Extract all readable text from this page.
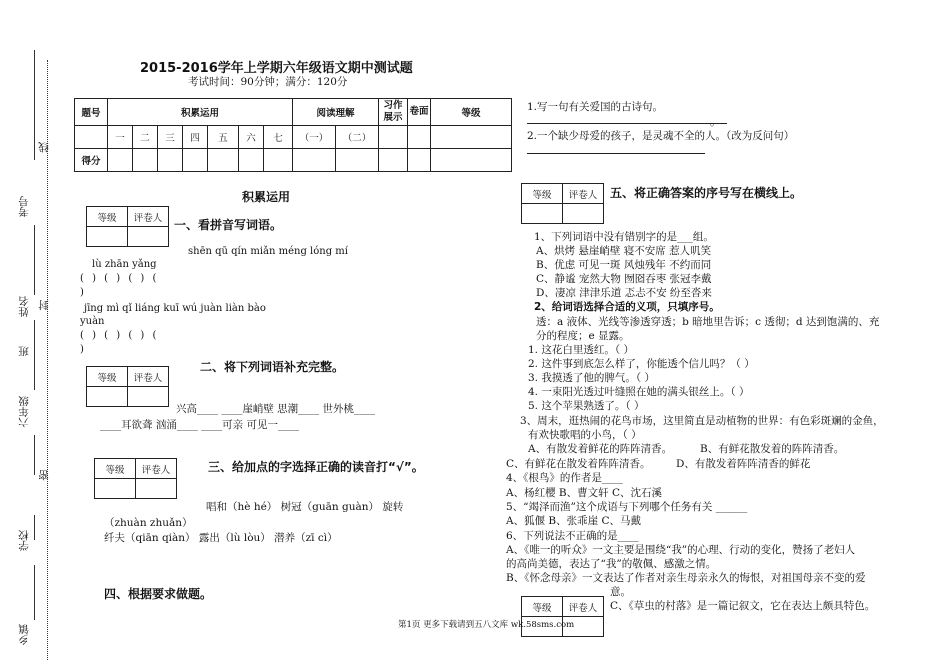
线
考号
姓名 封
班
六年级
密
学校
乡镇
2015-2016学年上学期六年级语文期中测试题
考试时间：90分钟；满分：120分
题号	积累运用							阅读理解		习作展示	卷面	等级
	一	二	三	四	五	六	七	（一）	（二）			
得分												
积累运用
等级	评卷人
	一、看拼音写词语。
shēn qū qín miǎn méng lóng mí
lù zhān yǎng
( ) ( ) ( ) (
)
jīng mì qǐ liáng kuī wú juàn liàn bào
yuàn
( ) ( ) ( ) (
)
等级	评卷人

二、将下列词语补充完整。
兴高____ ____崖峭壁 思潮____ 世外桃____
____耳欲聋 汹涌____ ____可亲 可见一____
等级	评卷人
		三、给加点的字选择正确的读音打“√”。
唱和（hè hé） 树冠（guān guàn） 旋转
（zhuàn zhuǎn）
纤夫（qiān qiàn） 露出（lù lòu） 潜养（zī cì）
四、根据要求做题。
1.写一句有关爱国的古诗句。
。
2.一个缺少母爱的孩子，是灵魂不全的人。（改为反问句）
等级	评卷人
	五、将正确答案的序号写在横线上。
1、下列词语中没有错别字的是___组。
A、烘烤 悬崖峭壁 寝不安席 惹人叽笑
B、优虑 可见一斑 风烛残年 不约而同
C、静谧 宠然大物 囫囵吞枣 张冠李戴
D、凄凉 津津乐道 忑忐不安 纷至沓来
2、给词语选择合适的义项，只填序号。
透：a 液体、光线等渗透穿透；b 暗地里告诉；c 透彻；d 达到饱满的、充
分的程度；e 显露。
1. 这花白里透红。（ ）
2. 这件事到底怎么样了，你能透个信儿吗？（ ）
3. 我摸透了他的脾气。（ ）
4. 一束阳光透过叶缝照在她的满头银丝上。（ ）
5. 这个苹果熟透了。（ ）
3、周末，逛热闹的花鸟市场，这里简直是动植物的世界：有色彩斑斓的金鱼，
有欢快歌唱的小鸟，（ ）
A、有散发着鲜花的阵阵清香。	B、有鲜花散发着的阵阵清香。
C、有鲜花在散发着阵阵清香。 D、有散发着阵阵清香的鲜花
4、《根鸟》的作者是____
A、杨红樱 B、曹文轩 C、沈石溪
5、“竭泽而渔”这个成语与下列哪个任务有关 ______
A、狐偃 B、张乖崖 C、马戴
6、下列说法不正确的是____
A、《唯一的听众》一文主要是围绕“我”的心理、行动的变化，赞扬了老妇人
的高尚美德，表达了“我”的敬佩、感激之情。
B、《怀念母亲》一文表达了作者对亲生母亲永久的悔恨，对祖国母亲不变的爱
意。
等级	评卷人
	C、《草虫的村落》是一篇记叙文，它在表达上颇具特色。
第1页 更多下载请到五八文库 wk.58sms.com
